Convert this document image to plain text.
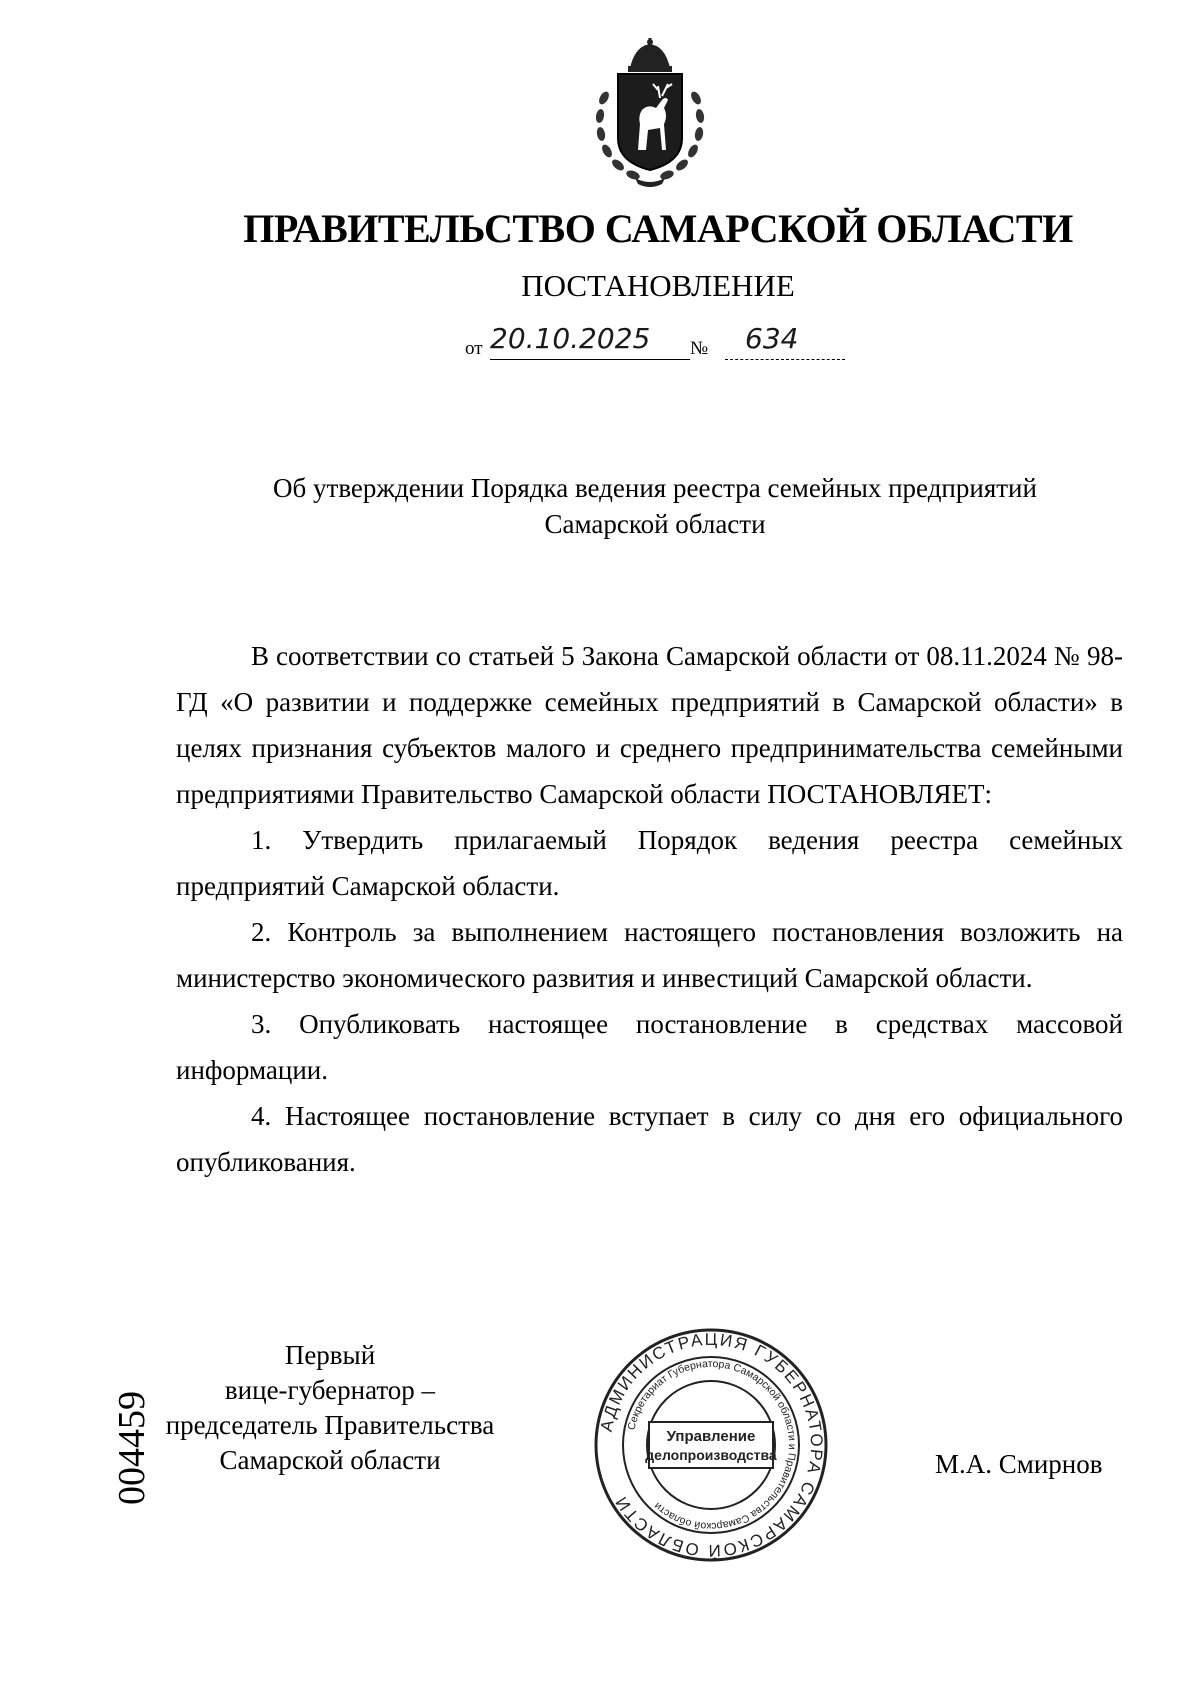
ПРАВИТЕЛЬСТВО САМАРСКОЙ ОБЛАСТИ
ПОСТАНОВЛЕНИЕ
от 20.10.2025	№	634
Об утверждении Порядка ведения реестра семейных предприятий
Самарской области

В соответствии со статьей 5 Закона Самарской области от 08.11.2024 № 98-ГД «О развитии и поддержке семейных предприятий в Самарской области» в целях признания субъектов малого и среднего предпринимательства семейными предприятиями Правительство Самарской области ПОСТАНОВЛЯЕТ:

1. Утвердить прилагаемый Порядок ведения реестра семейных предприятий Самарской области.

2. Контроль за выполнением настоящего постановления возложить на министерство экономического развития и инвестиций Самарской области.

3. Опубликовать настоящее постановление в средствах массовой информации.

4. Настоящее постановление вступает в силу со дня его официального опубликования.

Первый
вице-губернатор –
председатель Правительства
Самарской области
004459	АДМИНИСТРАЦИЯ ГУБЕРНАТОРА САМАРСКОЙ ОБЛАСТИ
Секретариат Губернатора Самарской области и Правительства Самарской области
Управление
делопроизводства	М.А. Смирнов
